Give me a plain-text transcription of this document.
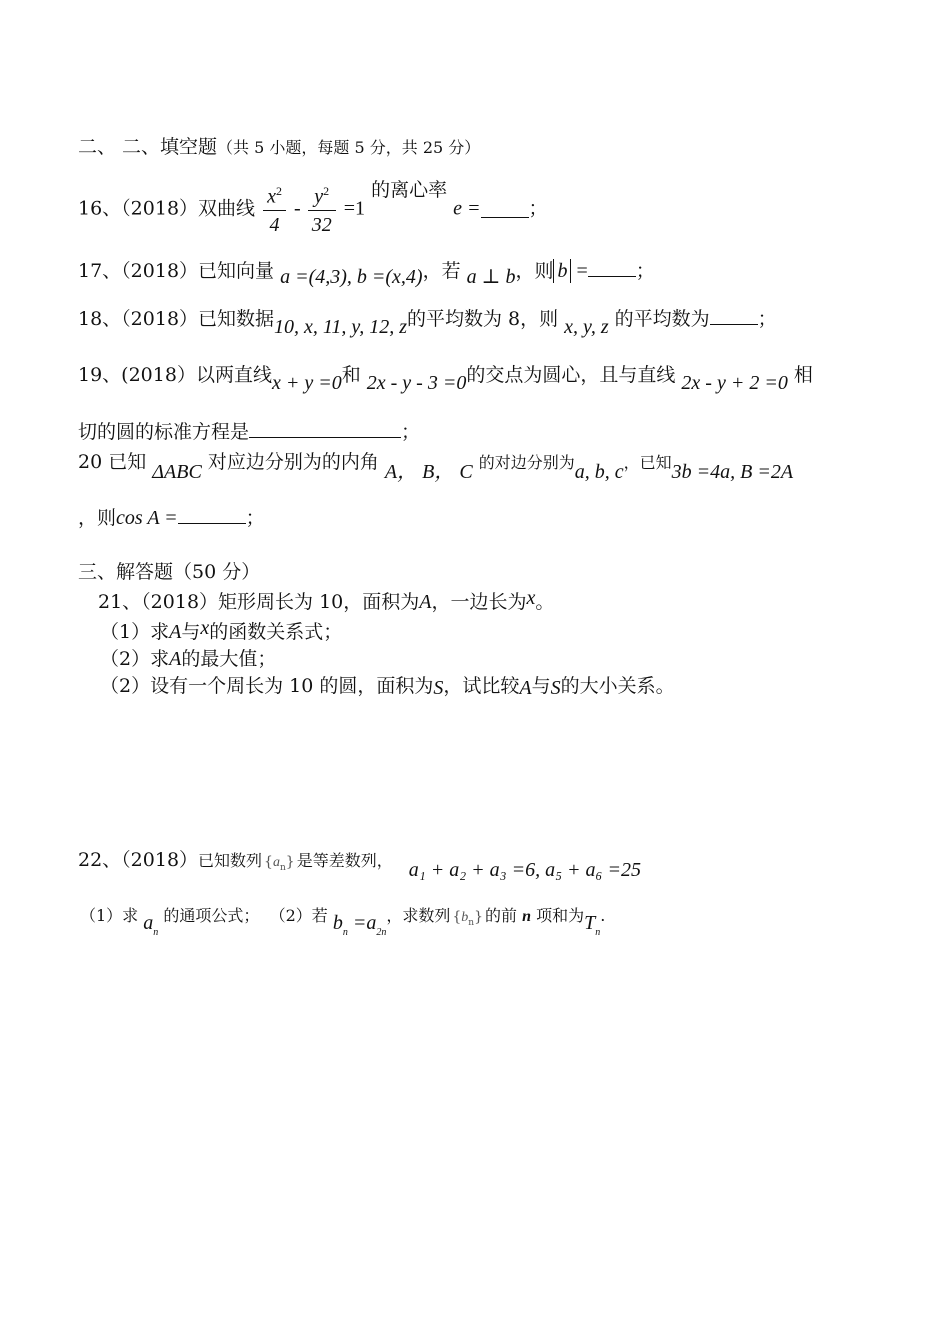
二、 二、填空题（共 5 小题，每题 5 分，共 25 分）
16、（2018）双曲线 $\frac{x^2}{4} - \frac{y^2}{32} =1$ 的离心率 e =	；
17、（2018）已知向量 a =(4,3), b =(x,4)，若 a ⊥ b，则 b =	；
18、（2018）已知数据10, x, 11, y, 12, z的平均数为 8，则 x, y, z 的平均数为	；
19、(2018）以两直线x + y =0和 2x - y - 3 =0的交点为圆心，且与直线 2x - y + 2 =0 相
切的圆的标准方程是	；
20 已知 ΔABC 对应边分别为的内角 A， B， C 的对边分别为a, b, c，已知3b =4a, B =2A
，则cos A =	；
三、解答题（50 分）
21、（2018）矩形周长为 10，面积为A，一边长为x。
（1）求A与x的函数关系式；
（2）求A的最大值；
（2）设有一个周长为 10 的圆，面积为S，试比较A与S的大小关系。
22、（2018）已知数列 $\{a_n\}$ 是等差数列， a₁ + a₂ + a₃ =6, a₅ + a₆ =25
（1）求 $a_n$ 的通项公式； （2）若 $b_n =a_{2n}$，求数列 $\{b_n\}$ 的前 n 项和为$T_n$.
